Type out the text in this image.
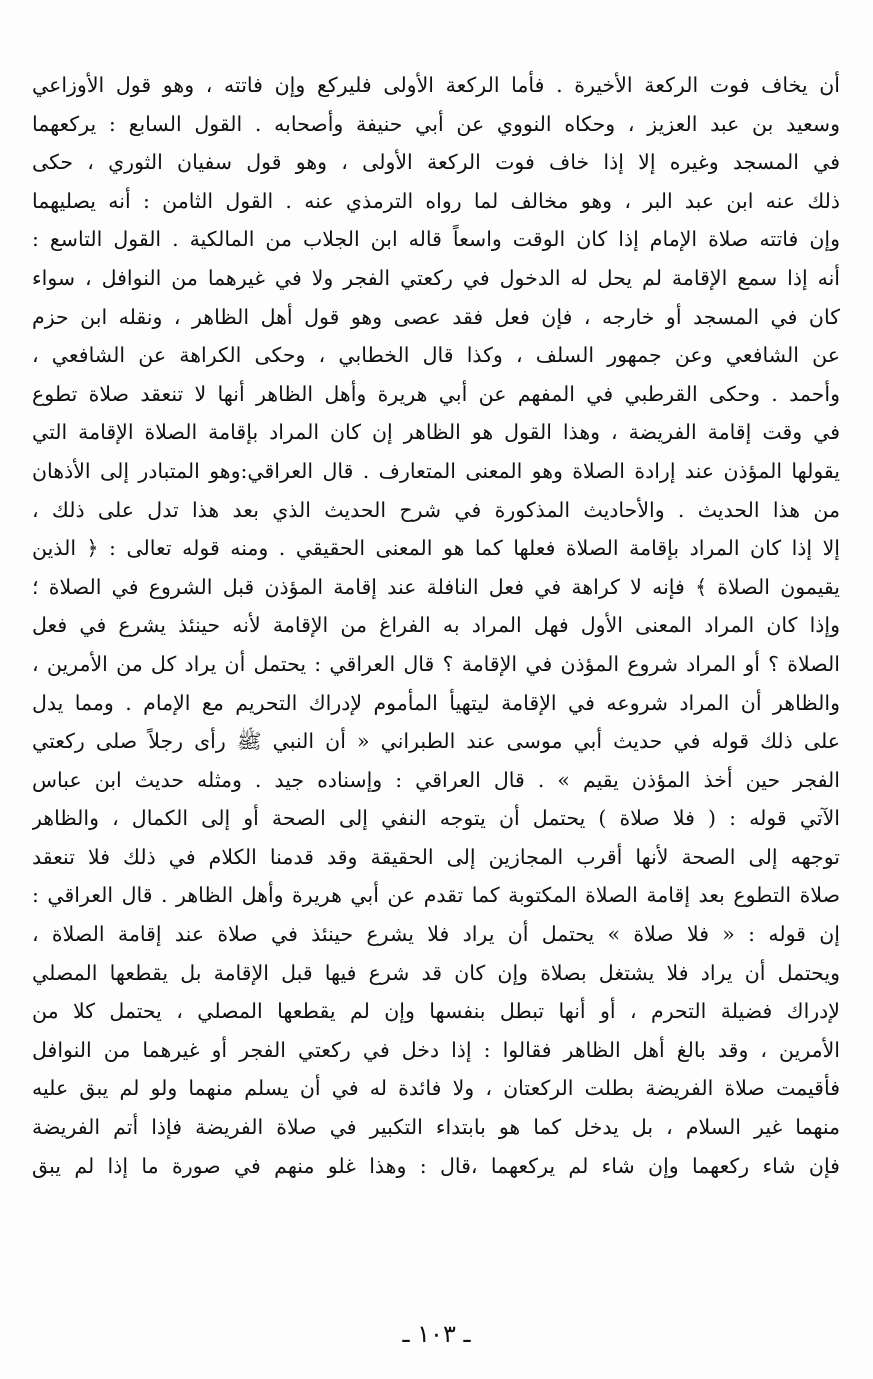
أن يخاف فوت الركعة الأخيرة . فأما الركعة الأولى فليركع وإن فاتته ، وهو قول الأوزاعي
وسعيد بن عبد العزيز ، وحكاه النووي عن أبي حنيفة وأصحابه . القول السابع : يركعهما
في المسجد وغيره إلا إذا خاف فوت الركعة الأولى ، وهو قول سفيان الثوري ، حكى
ذلك عنه ابن عبد البر ، وهو مخالف لما رواه الترمذي عنه . القول الثامن : أنه يصليهما
وإن فاتته صلاة الإمام إذا كان الوقت واسعاً قاله ابن الجلاب من المالكية . القول التاسع :
أنه إذا سمع الإقامة لم يحل له الدخول في ركعتي الفجر ولا في غيرهما من النوافل ، سواء
كان في المسجد أو خارجه ، فإن فعل فقد عصى وهو قول أهل الظاهر ، ونقله ابن حزم
عن الشافعي وعن جمهور السلف ، وكذا قال الخطابي ، وحكى الكراهة عن الشافعي ،
وأحمد . وحكى القرطبي في المفهم عن أبي هريرة وأهل الظاهر أنها لا تنعقد صلاة تطوع
في وقت إقامة الفريضة ، وهذا القول هو الظاهر إن كان المراد بإقامة الصلاة الإقامة التي
يقولها المؤذن عند إرادة الصلاة وهو المعنى المتعارف . قال العراقي:وهو المتبادر إلى الأذهان
من هذا الحديث . والأحاديث المذكورة في شرح الحديث الذي بعد هذا تدل على ذلك ،
إلا إذا كان المراد بإقامة الصلاة فعلها كما هو المعنى الحقيقي . ومنه قوله تعالى : ﴿ الذين
يقيمون الصلاة ﴾ فإنه لا كراهة في فعل النافلة عند إقامة المؤذن قبل الشروع في الصلاة ؛
وإذا كان المراد المعنى الأول فهل المراد به الفراغ من الإقامة لأنه حينئذ يشرع في فعل
الصلاة ؟ أو المراد شروع المؤذن في الإقامة ؟ قال العراقي : يحتمل أن يراد كل من الأمرين ،
والظاهر أن المراد شروعه في الإقامة ليتهيأ المأموم لإدراك التحريم مع الإمام . ومما يدل
على ذلك قوله في حديث أبي موسى عند الطبراني « أن النبي ﷺ رأى رجلاً صلى ركعتي
الفجر حين أخذ المؤذن يقيم » . قال العراقي : وإسناده جيد . ومثله حديث ابن عباس
الآتي قوله : ( فلا صلاة ) يحتمل أن يتوجه النفي إلى الصحة أو إلى الكمال ، والظاهر
توجهه إلى الصحة لأنها أقرب المجازين إلى الحقيقة وقد قدمنا الكلام في ذلك فلا تنعقد
صلاة التطوع بعد إقامة الصلاة المكتوبة كما تقدم عن أبي هريرة وأهل الظاهر . قال العراقي :
إن قوله : « فلا صلاة » يحتمل أن يراد فلا يشرع حينئذ في صلاة عند إقامة الصلاة ،
ويحتمل أن يراد فلا يشتغل بصلاة وإن كان قد شرع فيها قبل الإقامة بل يقطعها المصلي
لإدراك فضيلة التحرم ، أو أنها تبطل بنفسها وإن لم يقطعها المصلي ، يحتمل كلا من
الأمرين ، وقد بالغ أهل الظاهر فقالوا : إذا دخل في ركعتي الفجر أو غيرهما من النوافل
فأقيمت صلاة الفريضة بطلت الركعتان ، ولا فائدة له في أن يسلم منهما ولو لم يبق عليه
منهما غير السلام ، بل يدخل كما هو بابتداء التكبير في صلاة الفريضة فإذا أتم الفريضة
فإن شاء ركعهما وإن شاء لم يركعهما ،قال : وهذا غلو منهم في صورة ما إذا لم يبق
ـ ١٠٣ ـ
